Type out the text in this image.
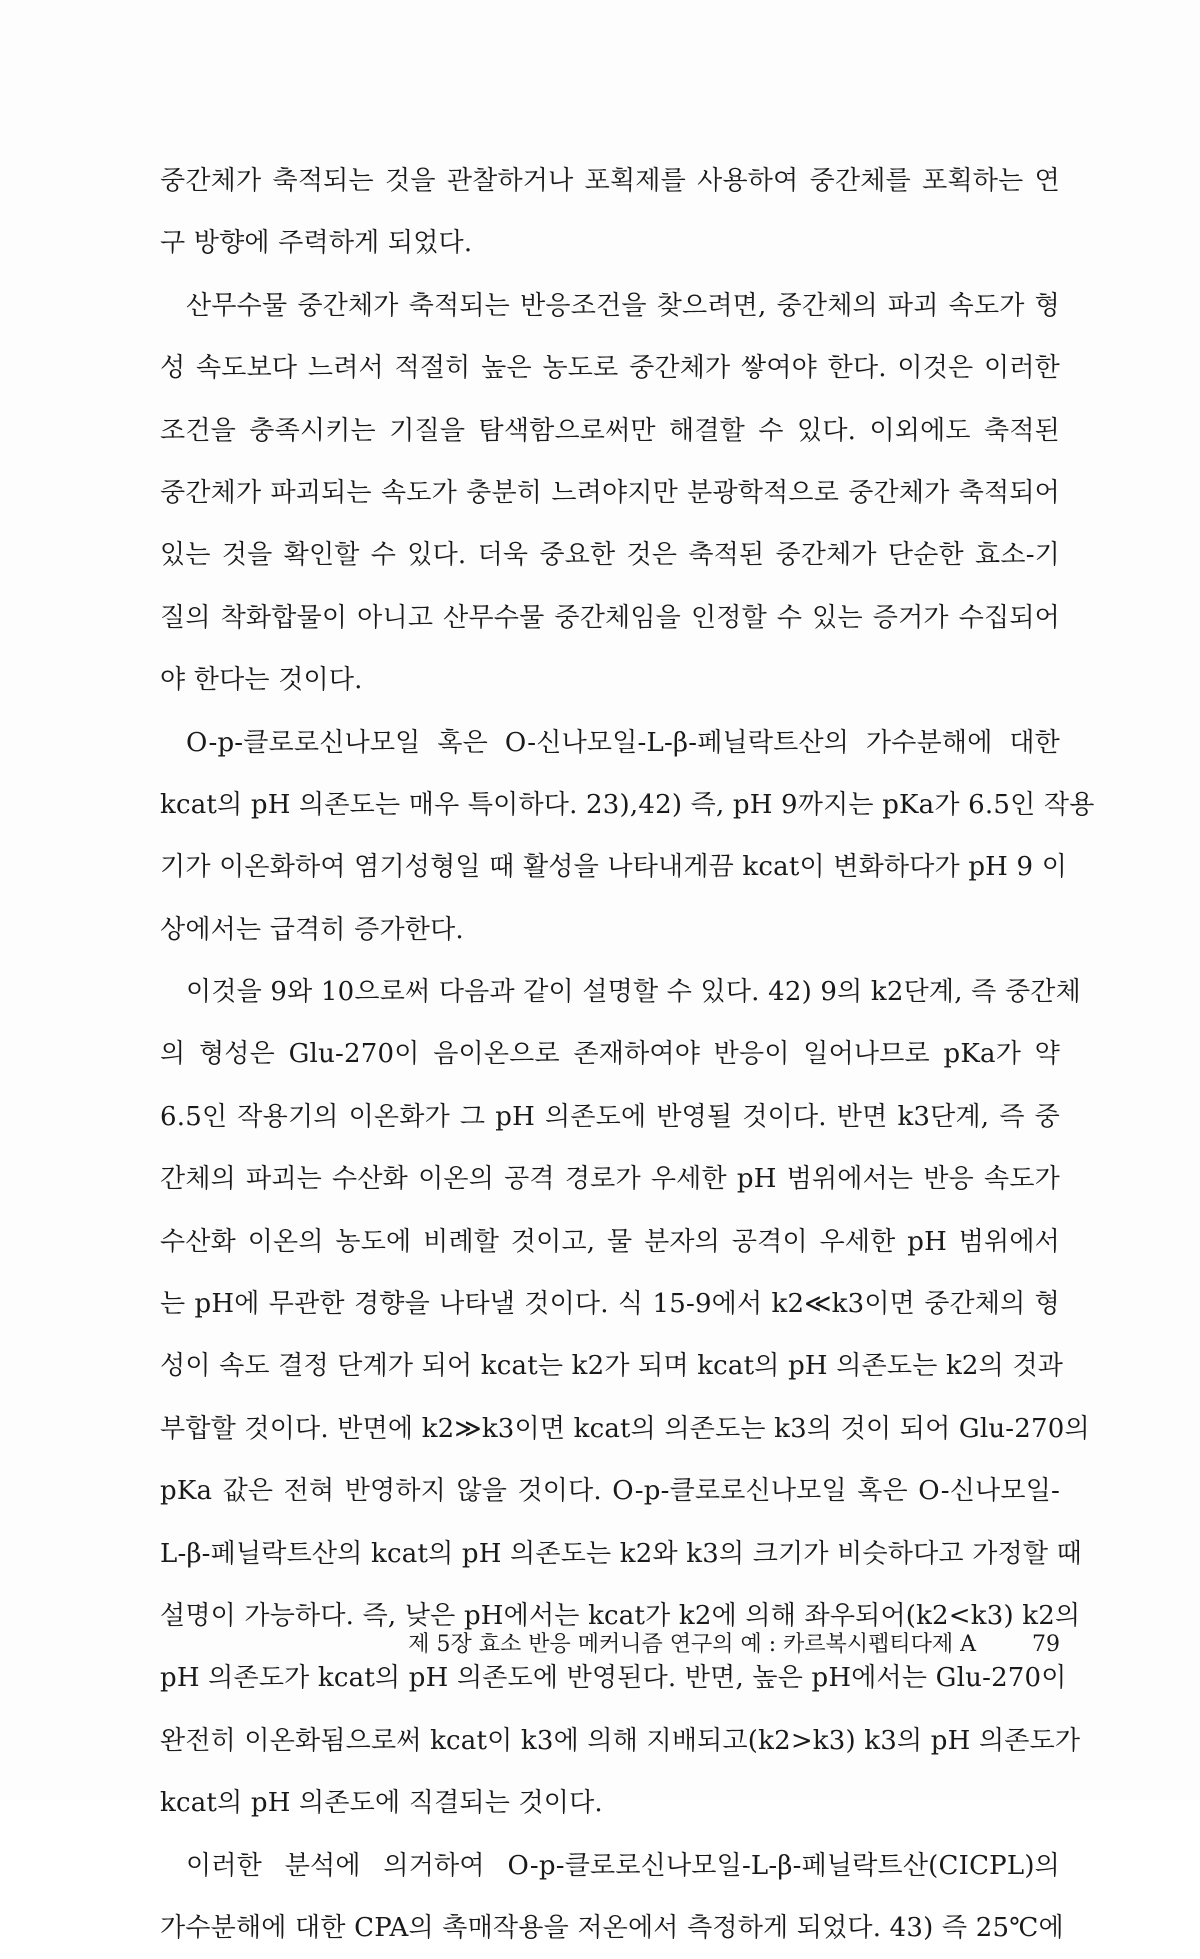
중간체가 축적되는 것을 관찰하거나 포획제를 사용하여 중간체를 포획하는 연
구 방향에 주력하게 되었다.
산무수물 중간체가 축적되는 반응조건을 찾으려면, 중간체의 파괴 속도가 형
성 속도보다 느려서 적절히 높은 농도로 중간체가 쌓여야 한다. 이것은 이러한
조건을 충족시키는 기질을 탐색함으로써만 해결할 수 있다. 이외에도 축적된
중간체가 파괴되는 속도가 충분히 느려야지만 분광학적으로 중간체가 축적되어
있는 것을 확인할 수 있다. 더욱 중요한 것은 축적된 중간체가 단순한 효소-기
질의 착화합물이 아니고 산무수물 중간체임을 인정할 수 있는 증거가 수집되어
야 한다는 것이다.
O-p-클로로신나모일 혹은 O-신나모일-L-β-페닐락트산의 가수분해에 대한
kcat의 pH 의존도는 매우 특이하다. 23),42) 즉, pH 9까지는 pKa가 6.5인 작용
기가 이온화하여 염기성형일 때 활성을 나타내게끔 kcat이 변화하다가 pH 9 이
상에서는 급격히 증가한다.
이것을 9와 10으로써 다음과 같이 설명할 수 있다. 42) 9의 k2단계, 즉 중간체
의 형성은 Glu-270이 음이온으로 존재하여야 반응이 일어나므로 pKa가 약
6.5인 작용기의 이온화가 그 pH 의존도에 반영될 것이다. 반면 k3단계, 즉 중
간체의 파괴는 수산화 이온의 공격 경로가 우세한 pH 범위에서는 반응 속도가
수산화 이온의 농도에 비례할 것이고, 물 분자의 공격이 우세한 pH 범위에서
는 pH에 무관한 경향을 나타낼 것이다. 식 15-9에서 k2≪k3이면 중간체의 형
성이 속도 결정 단계가 되어 kcat는 k2가 되며 kcat의 pH 의존도는 k2의 것과
부합할 것이다. 반면에 k2≫k3이면 kcat의 의존도는 k3의 것이 되어 Glu-270의
pKa 값은 전혀 반영하지 않을 것이다. O-p-클로로신나모일 혹은 O-신나모일-
L-β-페닐락트산의 kcat의 pH 의존도는 k2와 k3의 크기가 비슷하다고 가정할 때
설명이 가능하다. 즉, 낮은 pH에서는 kcat가 k2에 의해 좌우되어(k2<k3) k2의
pH 의존도가 kcat의 pH 의존도에 반영된다. 반면, 높은 pH에서는 Glu-270이
완전히 이온화됨으로써 kcat이 k3에 의해 지배되고(k2>k3) k3의 pH 의존도가
kcat의 pH 의존도에 직결되는 것이다.
이러한 분석에 의거하여 O-p-클로로신나모일-L-β-페닐락트산(CICPL)의
가수분해에 대한 CPA의 촉매작용을 저온에서 측정하게 되었다. 43) 즉 25℃에
제 5장 효소 반응 메커니즘 연구의 예 : 카르복시펩티다제 A	79
